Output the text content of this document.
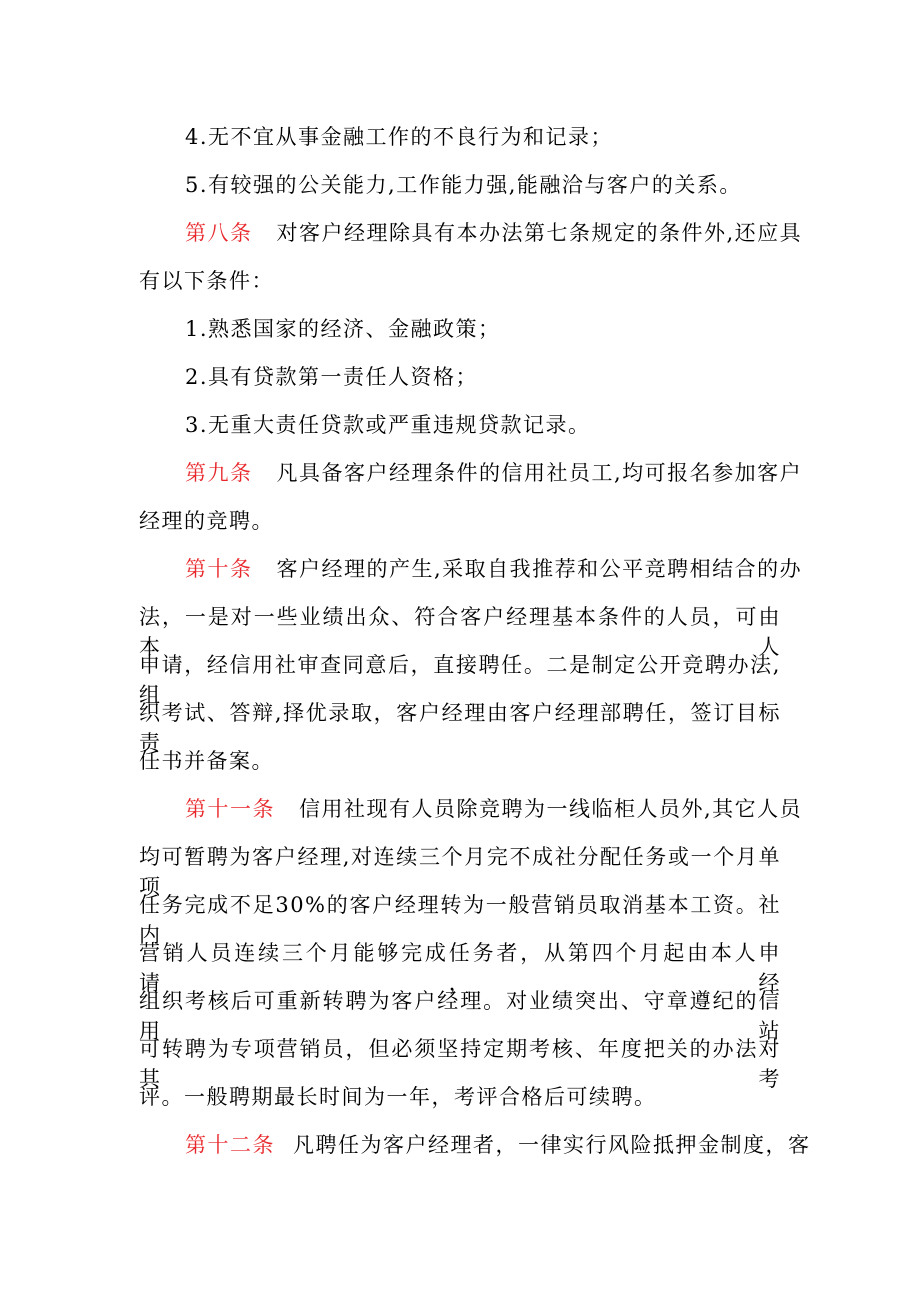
4.无不宜从事金融工作的不良行为和记录；
5.有较强的公关能力,工作能力强,能融洽与客户的关系。
第八条 对客户经理除具有本办法第七条规定的条件外,还应具
有以下条件：
1.熟悉国家的经济、金融政策；
2.具有贷款第一责任人资格；
3.无重大责任贷款或严重违规贷款记录。
第九条 凡具备客户经理条件的信用社员工,均可报名参加客户
经理的竞聘。
第十条 客户经理的产生,采取自我推荐和公平竞聘相结合的办
法，一是对一些业绩出众、符合客户经理基本条件的人员，可由本人
申请，经信用社审查同意后，直接聘任。二是制定公开竞聘办法,组
织考试、答辩,择优录取，客户经理由客户经理部聘任，签订目标责
任书并备案。
第十一条 信用社现有人员除竞聘为一线临柜人员外,其它人员
均可暂聘为客户经理,对连续三个月完不成社分配任务或一个月单项
任务完成不足30%的客户经理转为一般营销员取消基本工资。社内
营销人员连续三个月能够完成任务者，从第四个月起由本人申请，经
组织考核后可重新转聘为客户经理。对业绩突出、守章遵纪的信用站
可转聘为专项营销员，但必须坚持定期考核、年度把关的办法对其考
评。一般聘期最长时间为一年，考评合格后可续聘。
第十二条 凡聘任为客户经理者，一律实行风险抵押金制度，客
